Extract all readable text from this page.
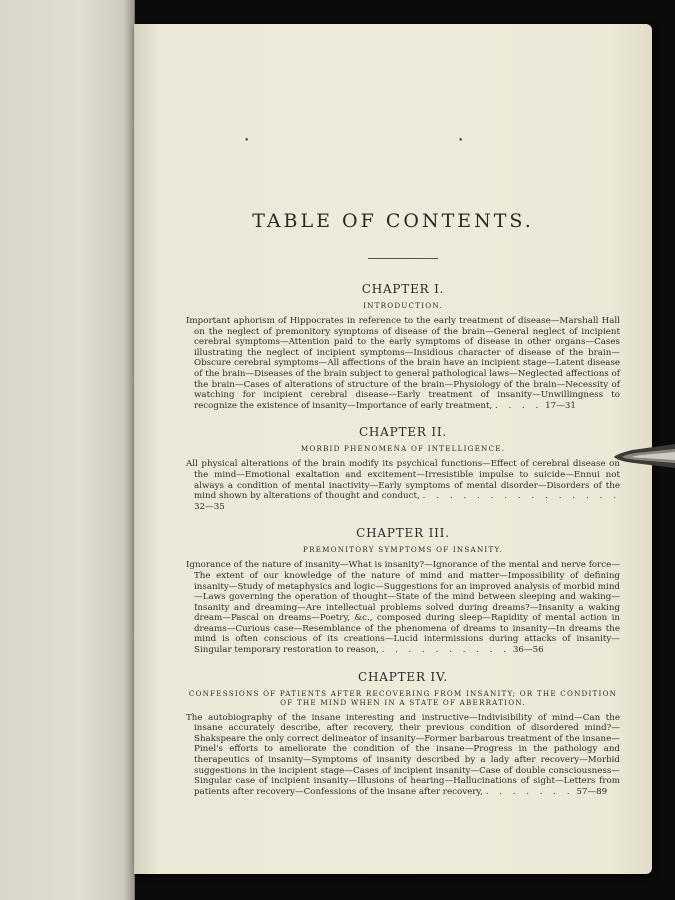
•	•
TABLE OF CONTENTS.

CHAPTER I.

INTRODUCTION.

Important aphorism of Hippocrates in reference to the early treatment of disease—Marshall Hall on the neglect of premonitory symptoms of disease of the brain—General neglect of incipient cerebral symptoms—Attention paid to the early symptoms of disease in other organs—Cases illustrating the neglect of incipient symptoms—Insidious character of disease of the brain—Obscure cerebral symptoms—All affections of the brain have an incipient stage—Latent disease of the brain—Diseases of the brain subject to general pathological laws—Neglected affections of the brain—Cases of alterations of structure of the brain—Physiology of the brain—Necessity of watching for incipient cerebral disease—Early treatment of insanity—Unwillingness to recognize the existence of insanity—Importance of early treatment, . . . . 17—31

CHAPTER II.

MORBID PHENOMENA OF INTELLIGENCE.

All physical alterations of the brain modify its psychical functions—Effect of cerebral disease on the mind—Emotional exaltation and excitement—Irresistible impulse to suicide—Ennui not always a condition of mental inactivity—Early symptoms of mental disorder—Disorders of the mind shown by alterations of thought and conduct, . . . . . . . . . . . . . . . 32—35

CHAPTER III.

PREMONITORY SYMPTOMS OF INSANITY.

Ignorance of the nature of insanity—What is insanity?—Ignorance of the mental and nerve force—The extent of our knowledge of the nature of mind and matter—Impossibility of defining insanity—Study of metaphysics and logic—Suggestions for an improved analysis of morbid mind—Laws governing the operation of thought—State of the mind between sleeping and waking—Insanity and dreaming—Are intellectual problems solved during dreams?—Insanity a waking dream—Pascal on dreams—Poetry, &c., composed during sleep—Rapidity of mental action in dreams—Curious case—Resemblance of the phenomena of dreams to insanity—In dreams the mind is often conscious of its creations—Lucid intermissions during attacks of insanity—Singular temporary restoration to reason, . . . . . . . . . . 36—56

CHAPTER IV.

CONFESSIONS OF PATIENTS AFTER RECOVERING FROM INSANITY; OR THE CONDITION OF THE MIND WHEN IN A STATE OF ABERRATION.

The autobiography of the insane interesting and instructive—Indivisibility of mind—Can the insane accurately describe, after recovery, their previous condition of disordered mind?—Shakspeare the only correct delineator of insanity—Former barbarous treatment of the insane—Pinel's efforts to ameliorate the condition of the insane—Progress in the pathology and therapeutics of insanity—Symptoms of insanity described by a lady after recovery—Morbid suggestions in the incipient stage—Cases of incipient insanity—Case of double consciousness—Singular case of incipient insanity—Illusions of hearing—Hallucinations of sight—Letters from patients after recovery—Confessions of the insane after recovery, . . . . . . . 57—89
